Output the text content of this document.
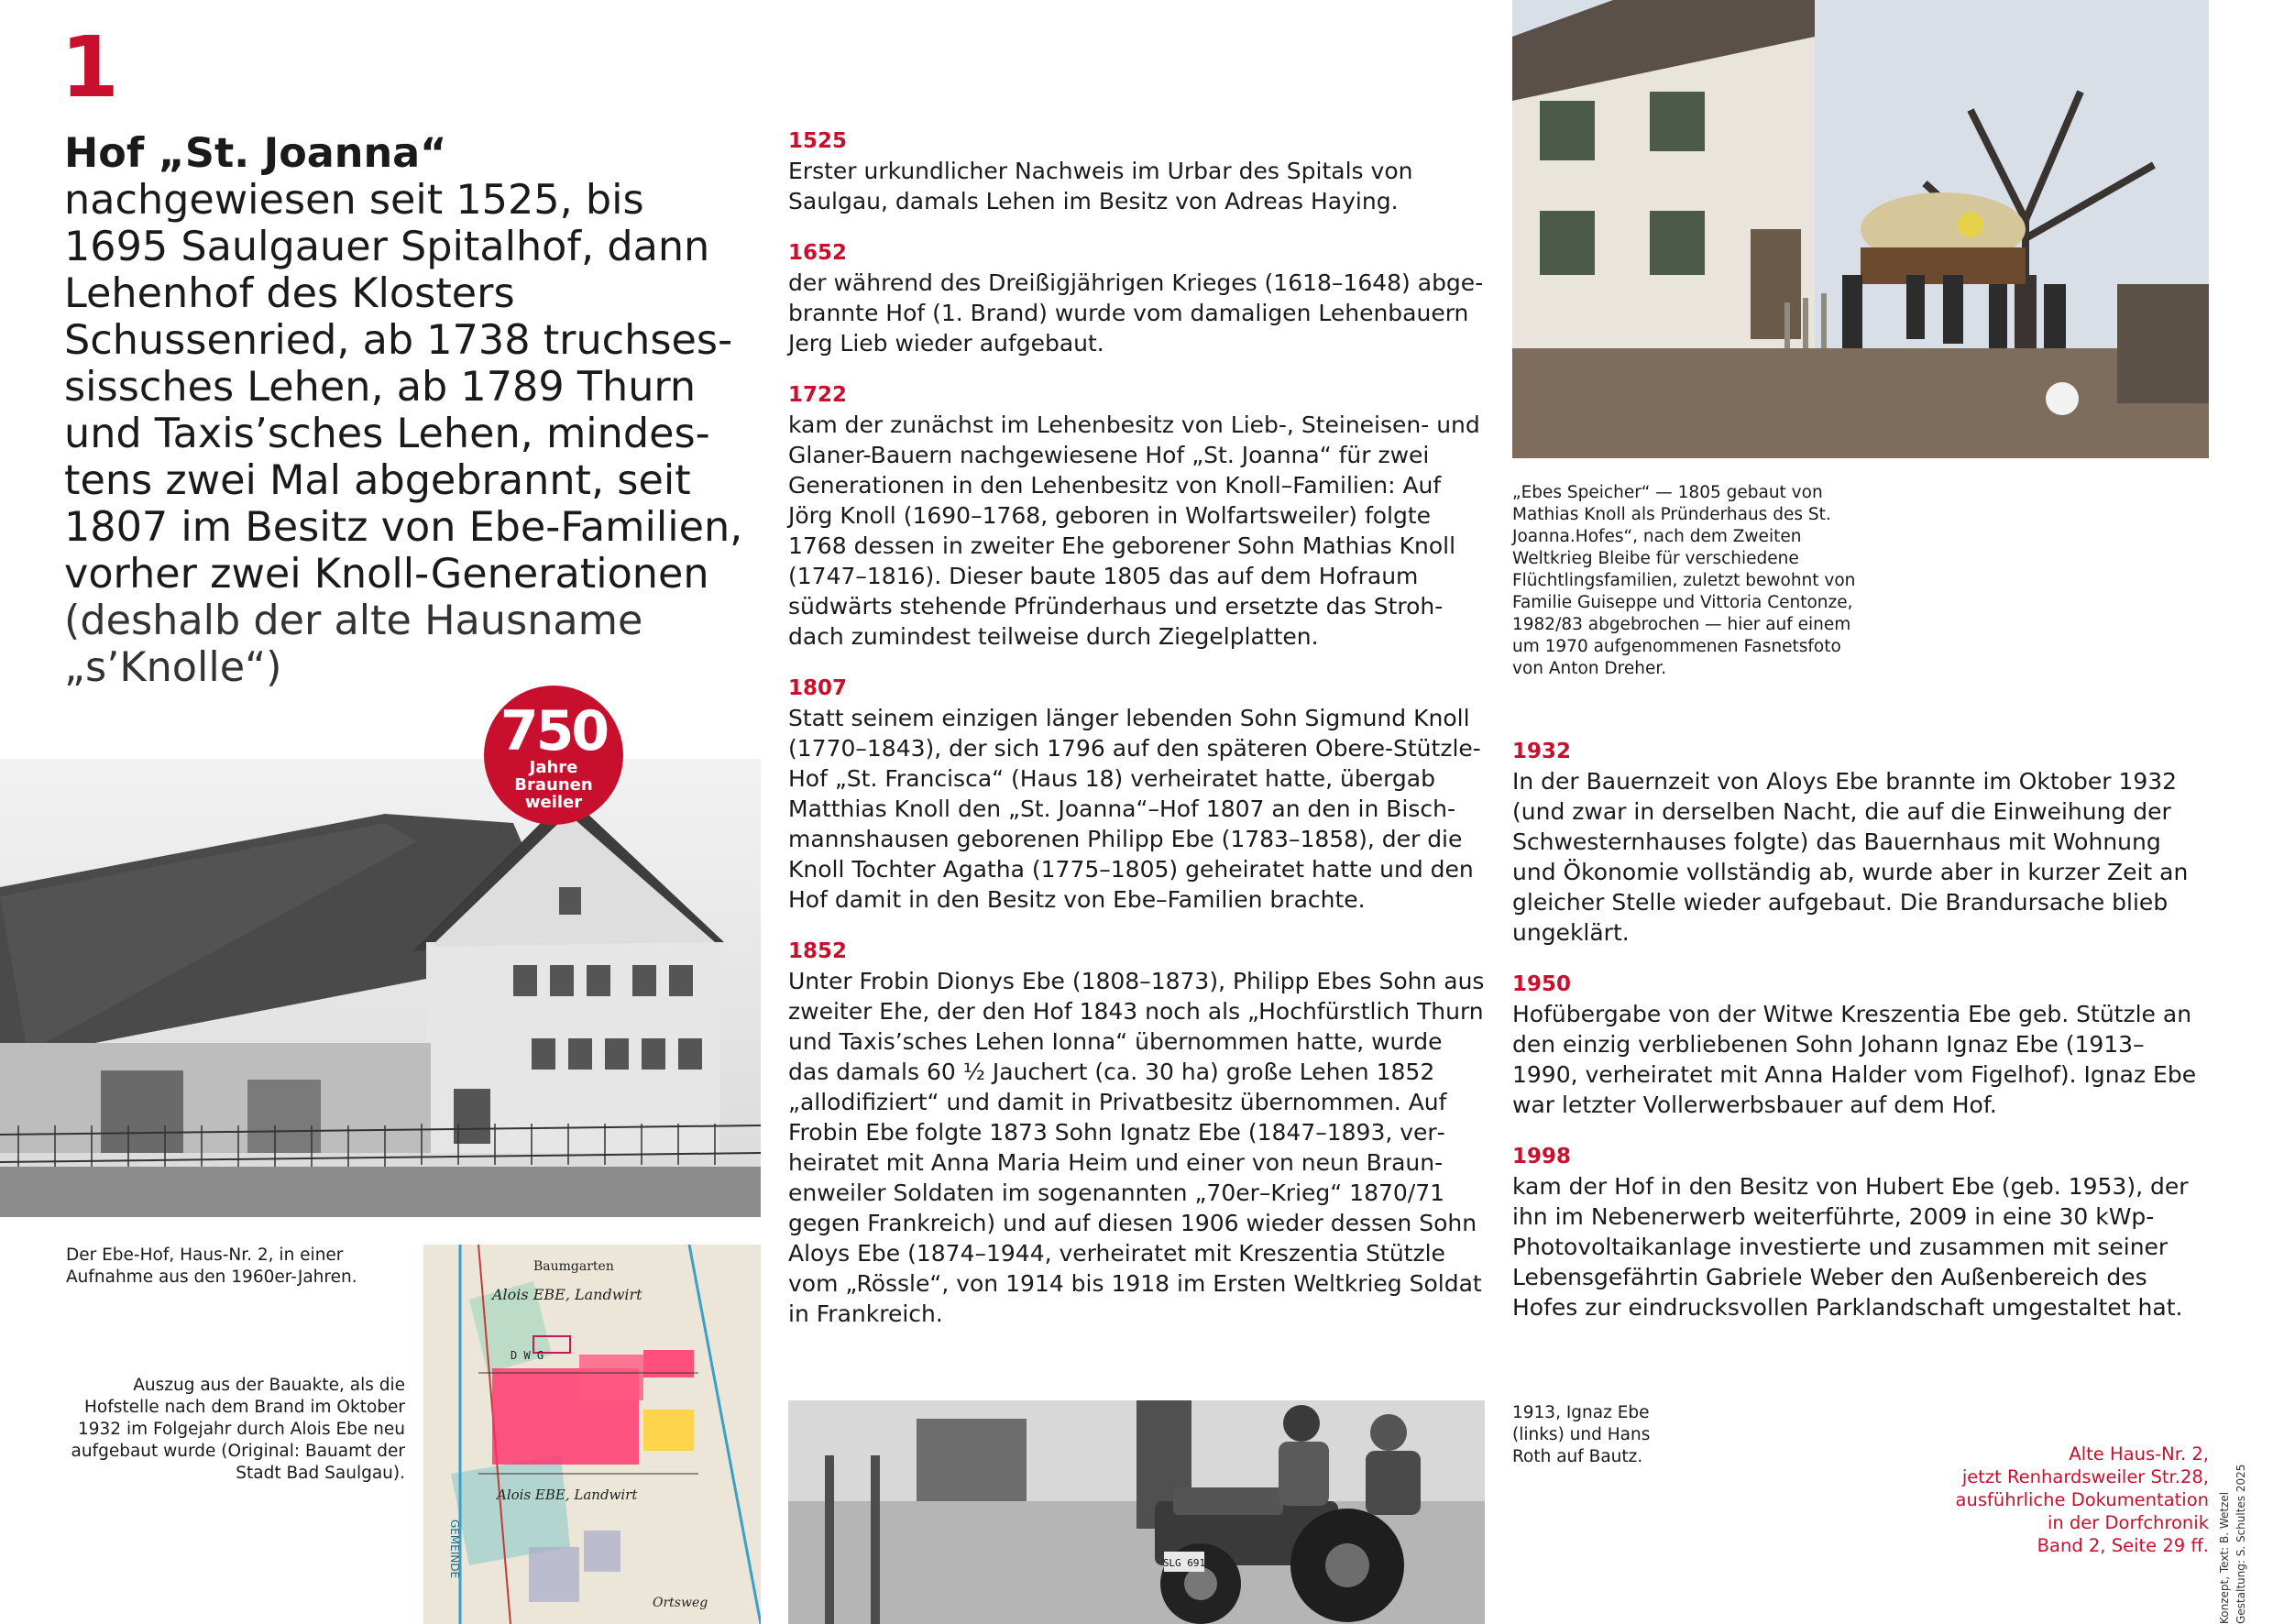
1
Hof „St. Joanna“
nachgewiesen seit 1525, bis 1695 Saulgauer Spitalhof, dann Lehenhof des Klosters Schussenried, ab 1738 truchsessissches Lehen, ab 1789 Thurn und Taxis’sches Lehen, mindestens zwei Mal abgebrannt, seit 1807 im Besitz von Ebe-Familien, vorher zwei Knoll-Generationen (deshalb der alte Hausname „s’Knolle“)
750
Jahre
Braunen
weiler
Der Ebe-Hof, Haus-Nr. 2, in einer Aufnahme aus den 1960er-Jahren.
Auszug aus der Bauakte, als die Hofstelle nach dem Brand im Oktober 1932 im Folgejahr durch Alois Ebe neu aufgebaut wurde (Original: Bauamt der Stadt Bad Saulgau).
Baumgarten
Alois EBE, Landwirt
Alois EBE, Landwirt
Ortsweg
D W G
GEMEINDE
1525
Erster urkundlicher Nachweis im Urbar des Spitals von Saulgau, damals Lehen im Besitz von Adreas Haying.
1652
der während des Dreißigjährigen Krieges (1618–1648) abgebrannte Hof (1. Brand) wurde vom damaligen Lehenbauern Jerg Lieb wieder aufgebaut.
1722
kam der zunächst im Lehenbesitz von Lieb-, Steineisen- und Glaner-Bauern nachgewiesene Hof „St. Joanna“ für zwei Generationen in den Lehenbesitz von Knoll–Familien: Auf Jörg Knoll (1690–1768, geboren in Wolfartsweiler) folgte 1768 dessen in zweiter Ehe geborener Sohn Mathias Knoll (1747–1816). Dieser baute 1805 das auf dem Hofraum südwärts stehende Pfründerhaus und ersetzte das Strohdach zumindest teilweise durch Ziegelplatten.
1807
Statt seinem einzigen länger lebenden Sohn Sigmund Knoll (1770–1843), der sich 1796 auf den späteren Obere-Stützle-Hof „St. Francisca“ (Haus 18) verheiratet hatte, übergab Matthias Knoll den „St. Joanna“–Hof 1807 an den in Bischmannshausen geborenen Philipp Ebe (1783–1858), der die Knoll Tochter Agatha (1775–1805) geheiratet hatte und den Hof damit in den Besitz von Ebe–Familien brachte.
1852
Unter Frobin Dionys Ebe (1808–1873), Philipp Ebes Sohn aus zweiter Ehe, der den Hof 1843 noch als „Hochfürstlich Thurn und Taxis’sches Lehen Ionna“ übernommen hatte, wurde das damals 60 ½ Jauchert (ca. 30 ha) große Lehen 1852 „allodifiziert“ und damit in Privatbesitz übernommen. Auf Frobin Ebe folgte 1873 Sohn Ignatz Ebe (1847–1893, verheiratet mit Anna Maria Heim und einer von neun Braunenweiler Soldaten im sogenannten „70er–Krieg“ 1870/71 gegen Frankreich) und auf diesen 1906 wieder dessen Sohn Aloys Ebe (1874–1944, verheiratet mit Kreszentia Stützle vom „Rössle“, von 1914 bis 1918 im Ersten Weltkrieg Soldat in Frankreich.
SLG 691
„Ebes Speicher“ — 1805 gebaut von Mathias Knoll als Pründerhaus des St. Joanna.Hofes“, nach dem Zweiten Weltkrieg Bleibe für verschiedene Flüchtlingsfamilien, zuletzt bewohnt von Familie Guiseppe und Vittoria Centonze, 1982/83 abgebrochen — hier auf einem um 1970 aufgenommenen Fasnetsfoto von Anton Dreher.
1932
In der Bauernzeit von Aloys Ebe brannte im Oktober 1932 (und zwar in derselben Nacht, die auf die Einweihung der Schwesternhauses folgte) das Bauernhaus mit Wohnung und Ökonomie vollständig ab, wurde aber in kurzer Zeit an gleicher Stelle wieder aufgebaut. Die Brandursache blieb ungeklärt.
1950
Hofübergabe von der Witwe Kreszentia Ebe geb. Stützle an den einzig verbliebenen Sohn Johann Ignaz Ebe (1913–1990, verheiratet mit Anna Halder vom Figelhof). Ignaz Ebe war letzter Vollerwerbsbauer auf dem Hof.
1998
kam der Hof in den Besitz von Hubert Ebe (geb. 1953), der ihn im Nebenerwerb weiterführte, 2009 in eine 30 kWp-Photovoltaikanlage investierte und zusammen mit seiner Lebensgefährtin Gabriele Weber den Außenbereich des Hofes zur eindrucksvollen Parklandschaft umgestaltet hat.
1913, Ignaz Ebe (links) und Hans Roth auf Bautz.	Alte Haus-Nr. 2,
jetzt Renhardsweiler Str.28,
ausführliche Dokumentation
in der Dorfchronik
Band 2, Seite 29 ff. Konzept, Text: B. Wetzel Gestaltung: S. Schultes 2025
